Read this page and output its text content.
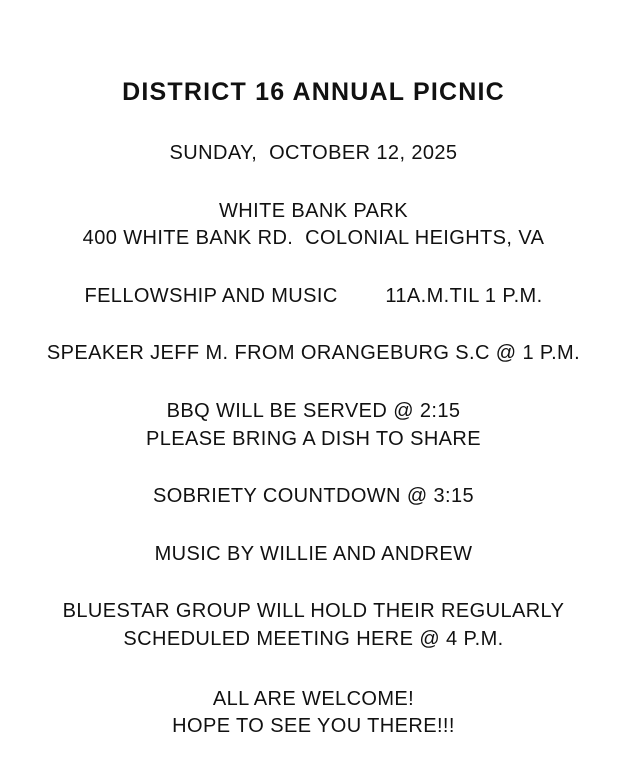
DISTRICT 16 ANNUAL PICNIC
SUNDAY,  OCTOBER 12, 2025
WHITE BANK PARK
400 WHITE BANK RD.  COLONIAL HEIGHTS, VA
FELLOWSHIP AND MUSIC        11A.M.TIL 1 P.M.
SPEAKER JEFF M. FROM ORANGEBURG S.C @ 1 P.M.
BBQ WILL BE SERVED @ 2:15
PLEASE BRING A DISH TO SHARE
SOBRIETY COUNTDOWN @ 3:15
MUSIC BY WILLIE AND ANDREW
BLUESTAR GROUP WILL HOLD THEIR REGULARLY
SCHEDULED MEETING HERE @ 4 P.M.
ALL ARE WELCOME!
HOPE TO SEE YOU THERE!!!
